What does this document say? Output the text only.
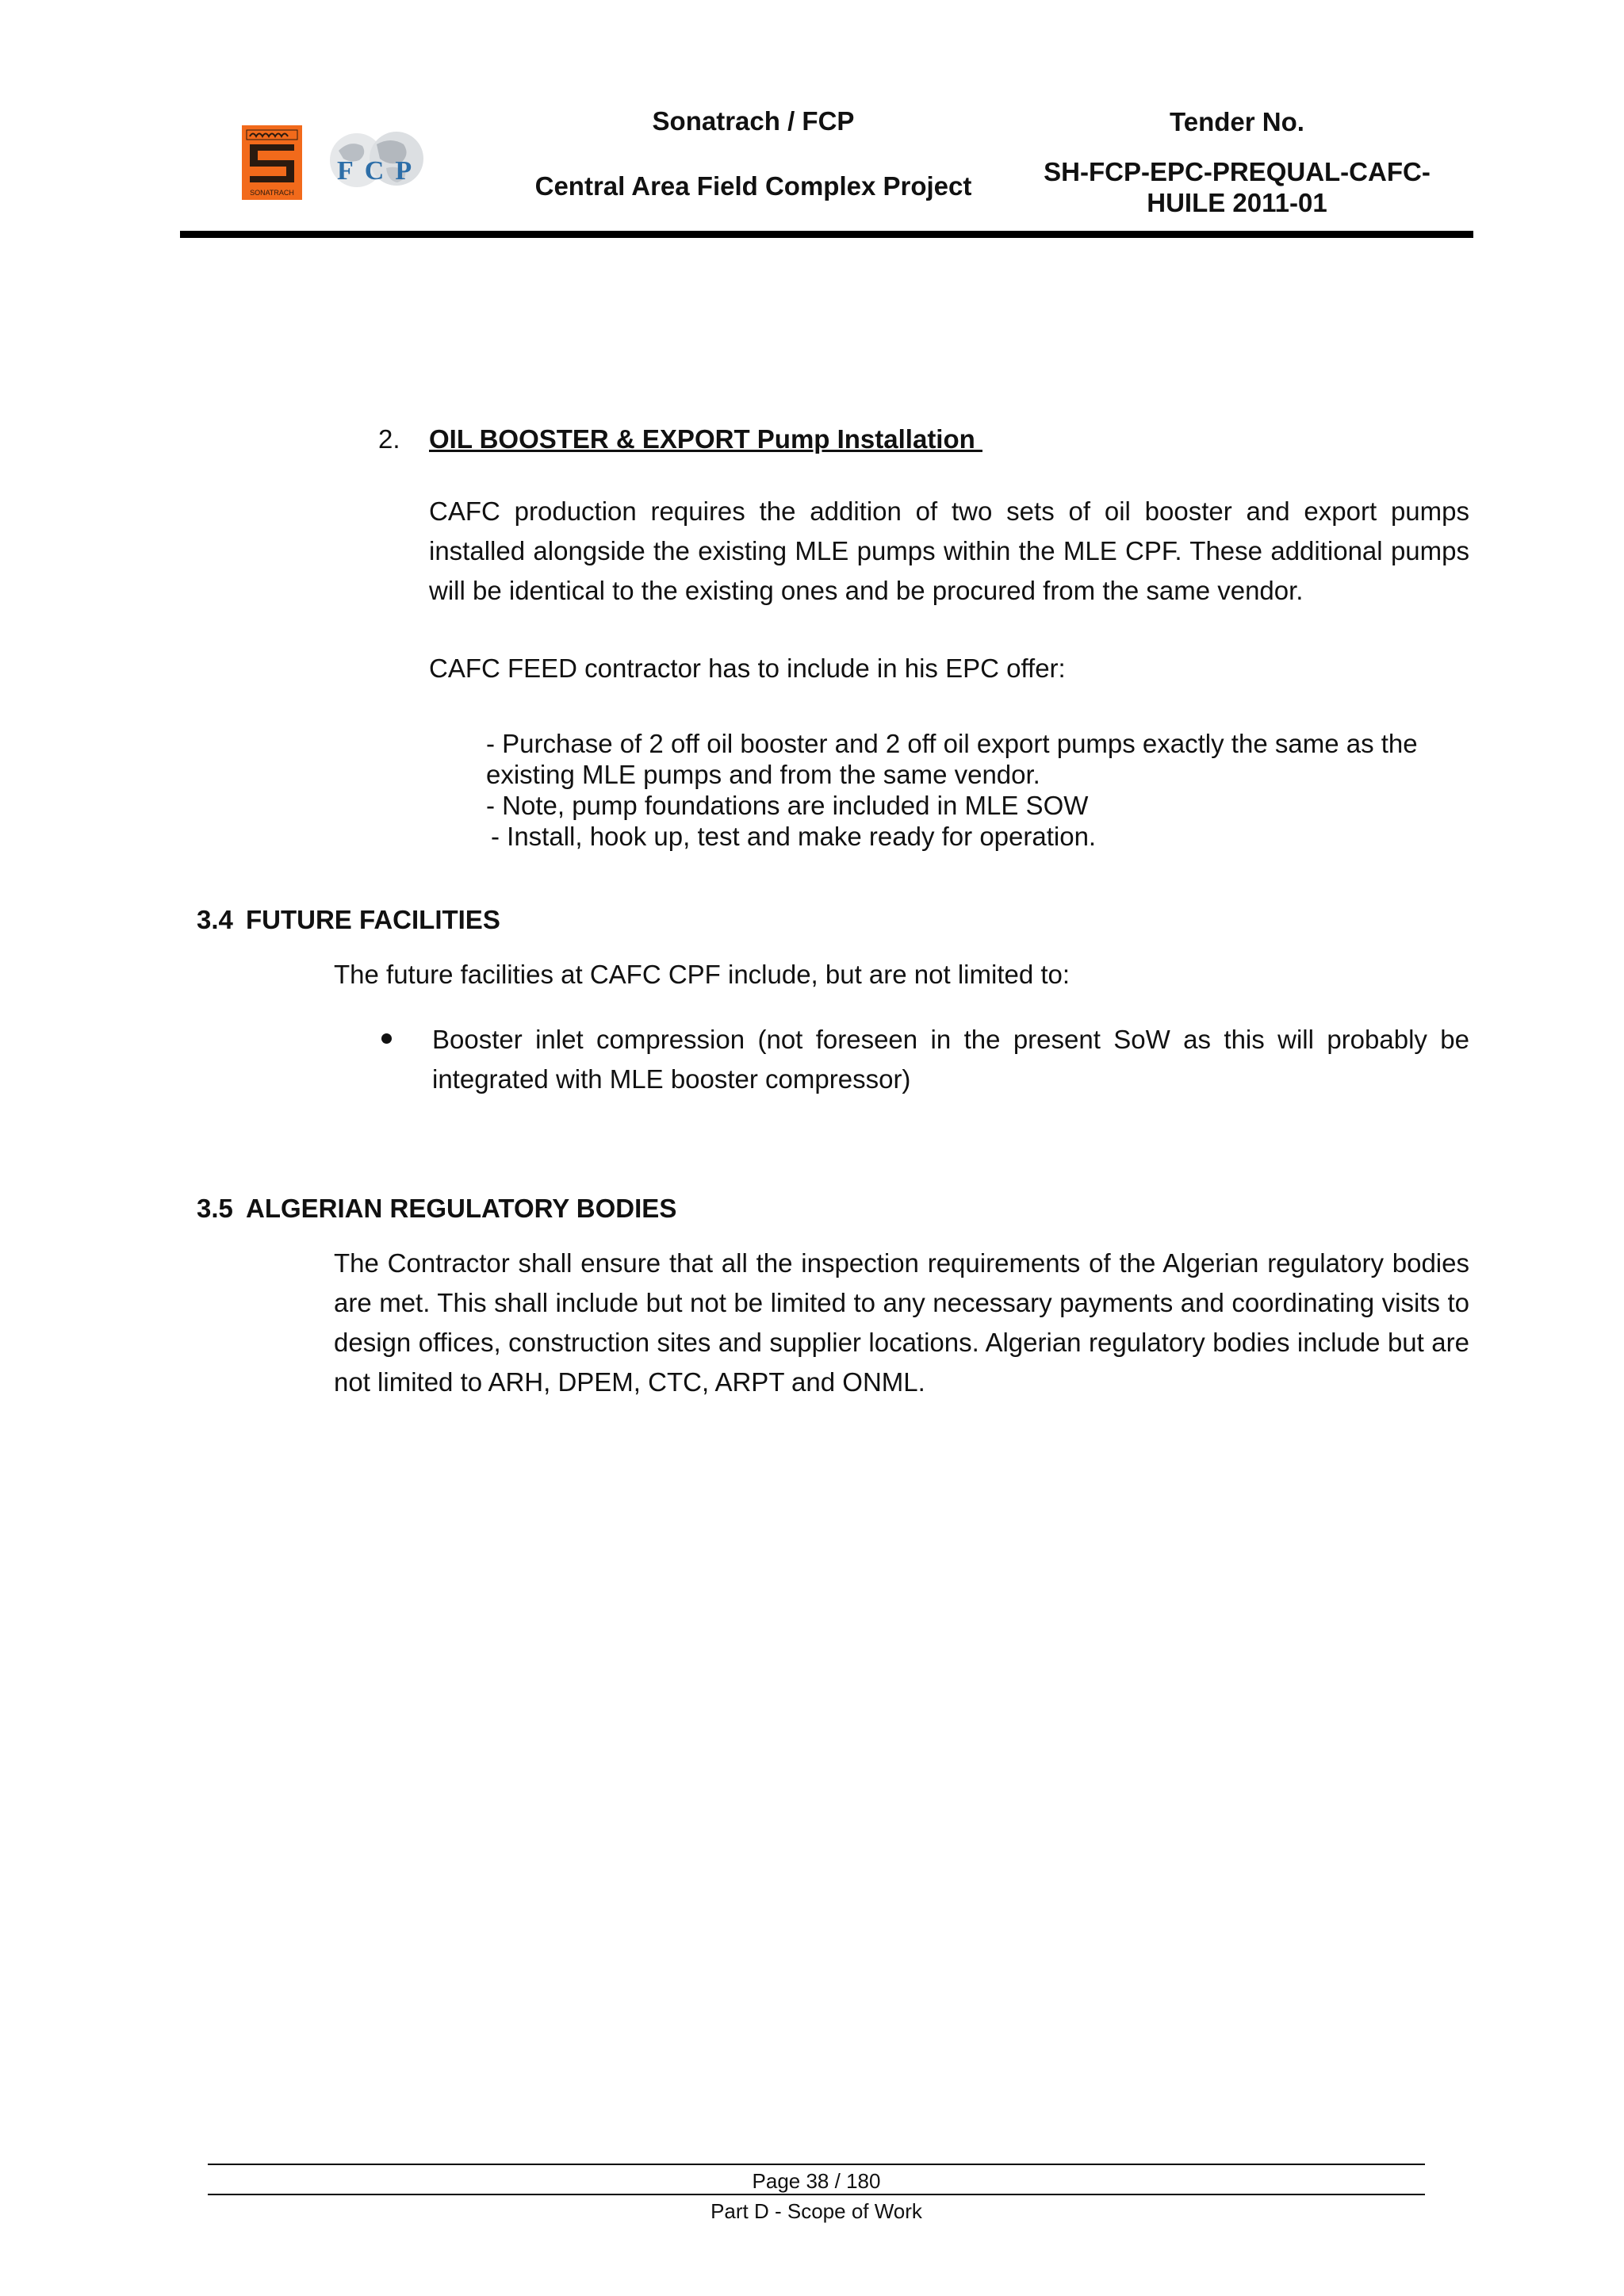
SONATRACH
FCP
Sonatrach / FCP
Central Area Field Complex Project
Tender No.
SH-FCP-EPC-PREQUAL-CAFC-
HUILE 2011-01
2. OIL BOOSTER & EXPORT Pump Installation
CAFC production requires the addition of two sets of oil booster and export pumps installed alongside the existing MLE pumps within the MLE CPF. These additional pumps will be identical to the existing ones and be procured from the same vendor.
CAFC FEED contractor has to include in his EPC offer:
- Purchase of 2 off oil booster and 2 off oil export pumps exactly the same as the
existing MLE pumps and from the same vendor.
- Note, pump foundations are included in MLE SOW
- Install, hook up, test and make ready for operation.
3.4 FUTURE FACILITIES
The future facilities at CAFC CPF include, but are not limited to:
Booster inlet compression (not foreseen in the present SoW as this will probably be integrated with MLE booster compressor)
3.5 ALGERIAN REGULATORY BODIES
The Contractor shall ensure that all the inspection requirements of the Algerian regulatory bodies are met. This shall include but not be limited to any necessary payments and coordinating visits to design offices, construction sites and supplier locations. Algerian regulatory bodies include but are not limited to ARH, DPEM, CTC, ARPT and ONML.
Page 38 / 180
Part D - Scope of Work
